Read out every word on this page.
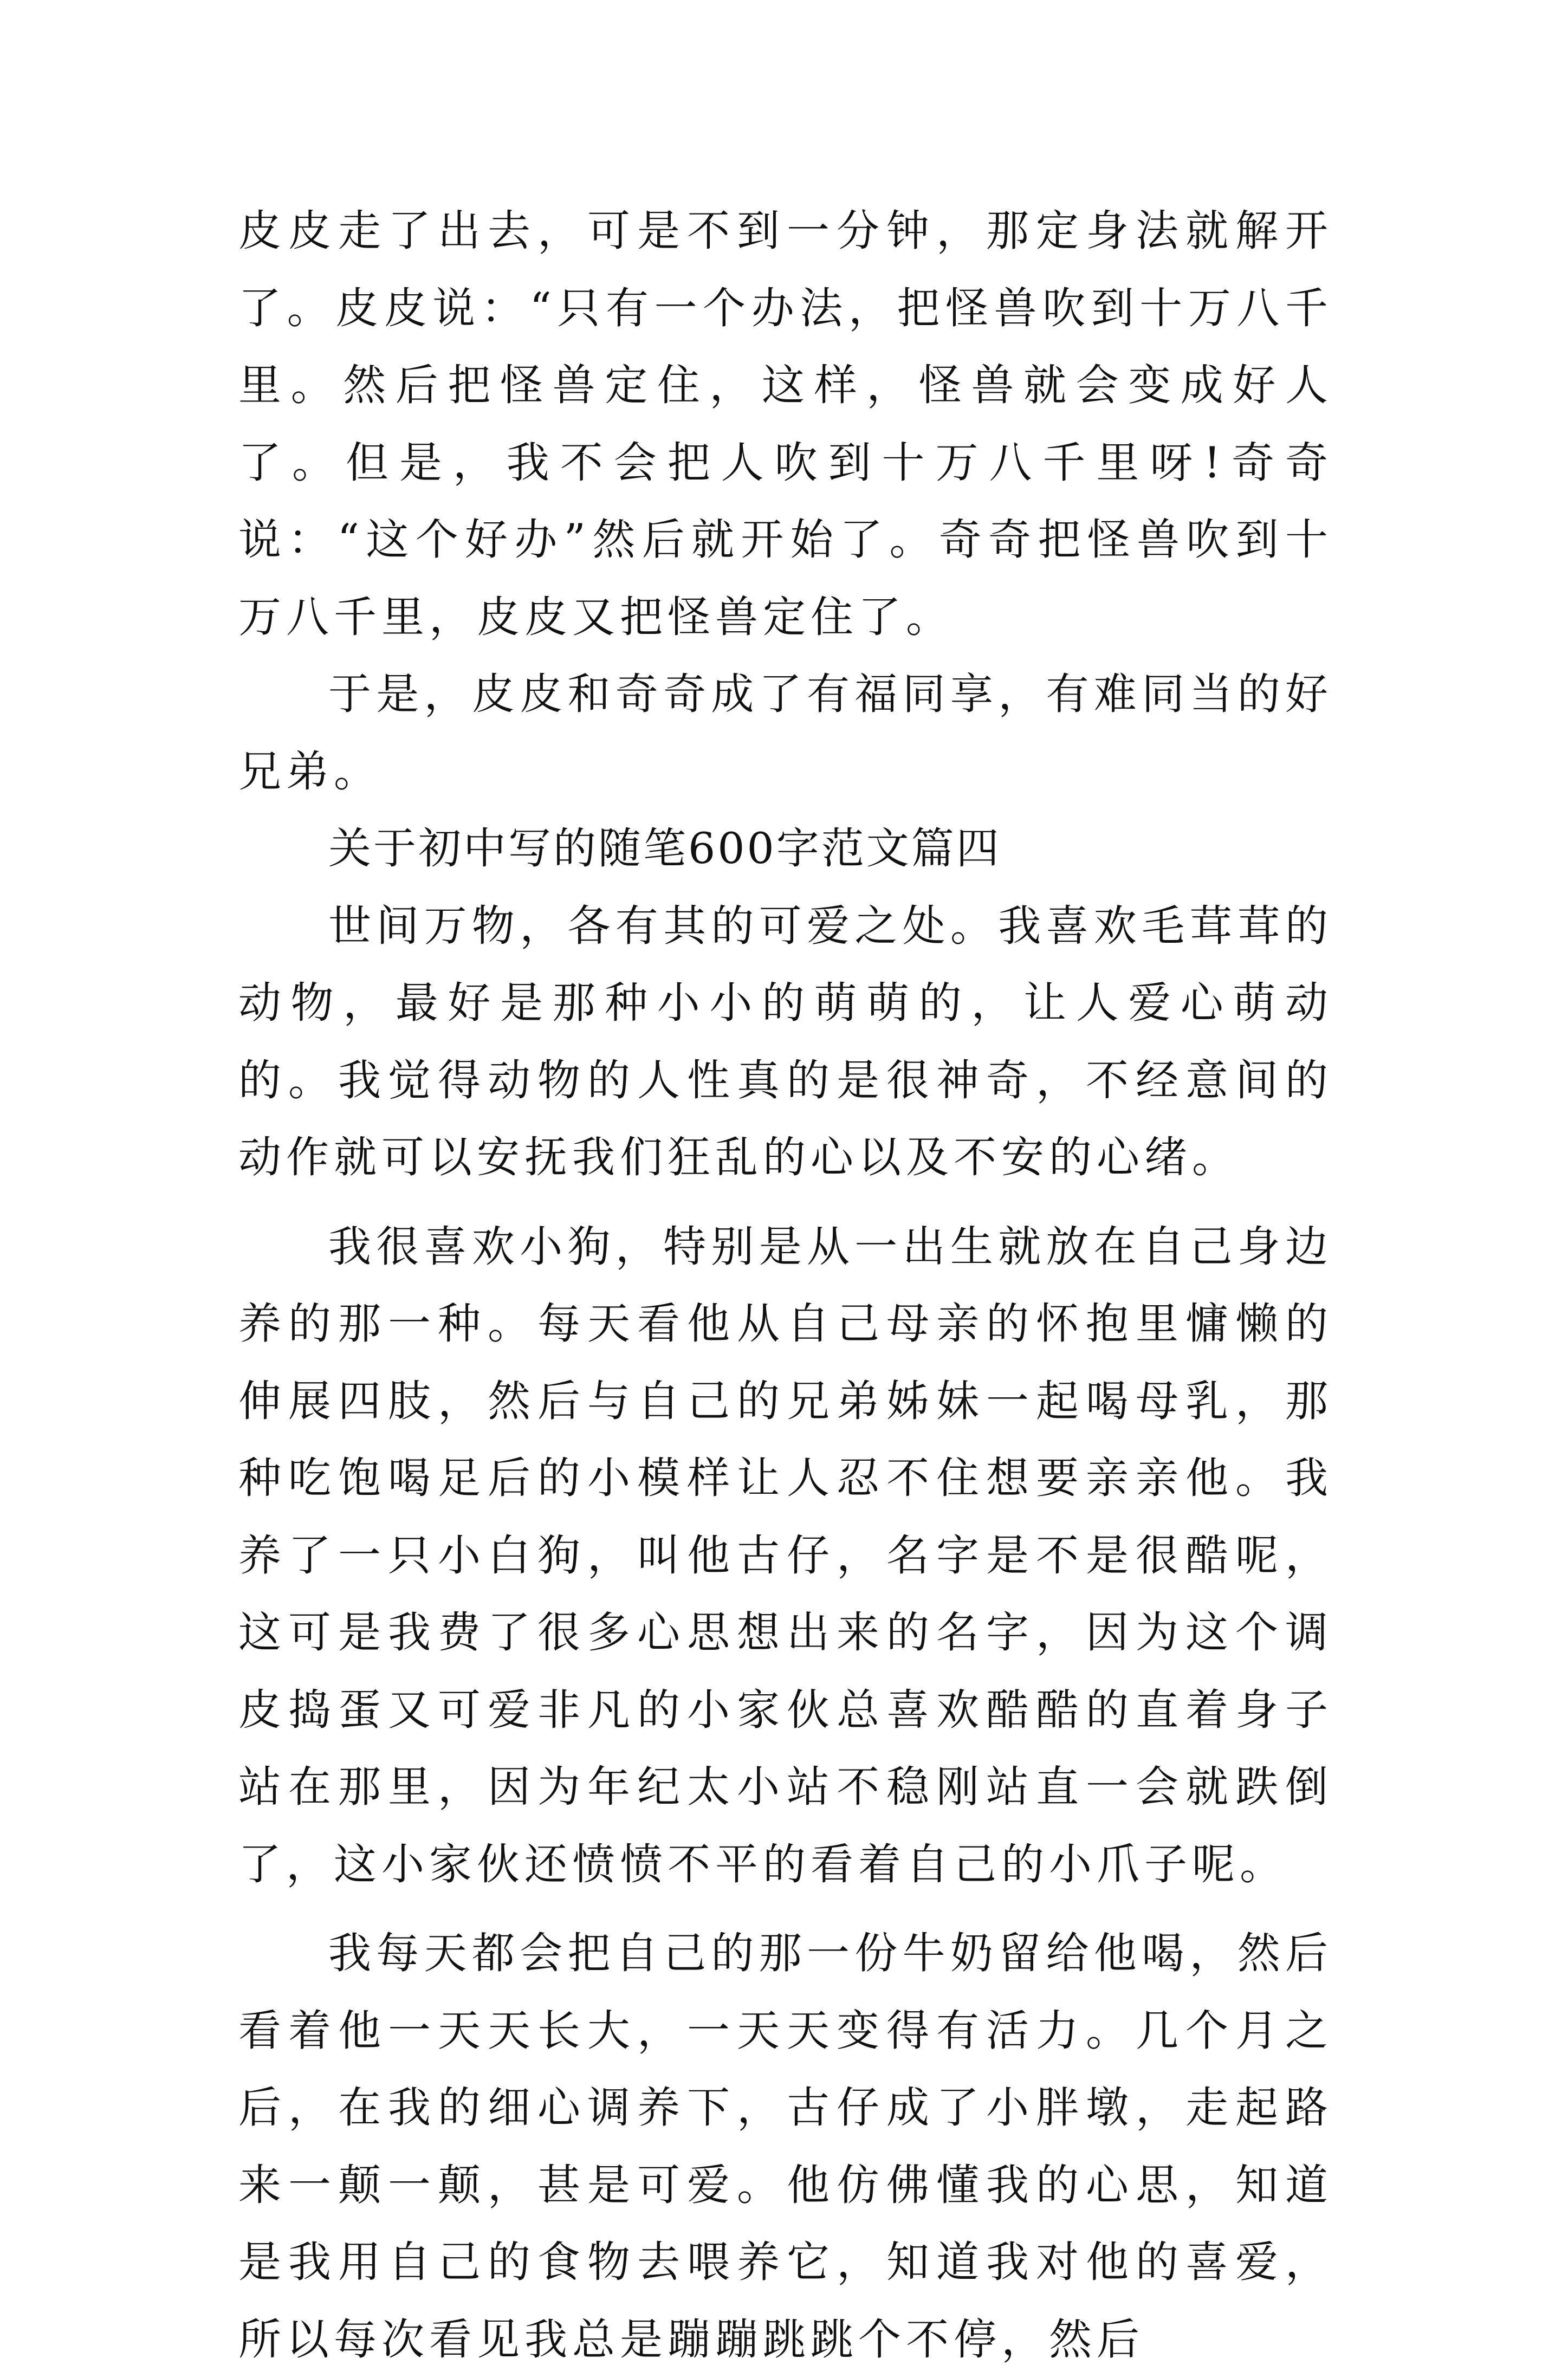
皮皮走了出去，可是不到一分钟，那定身法就解开了。皮皮说：“只有一个办法，把怪兽吹到十万八千里。然后把怪兽定住，这样，怪兽就会变成好人了。但是，我不会把人吹到十万八千里呀!奇奇说：“这个好办”然后就开始了。奇奇把怪兽吹到十万八千里，皮皮又把怪兽定住了。

于是，皮皮和奇奇成了有福同享，有难同当的好兄弟。

关于初中写的随笔600字范文篇四

世间万物，各有其的可爱之处。我喜欢毛茸茸的动物，最好是那种小小的萌萌的，让人爱心萌动的。我觉得动物的人性真的是很神奇，不经意间的动作就可以安抚我们狂乱的心以及不安的心绪。

我很喜欢小狗，特别是从一出生就放在自己身边养的那一种。每天看他从自己母亲的怀抱里慵懒的伸展四肢，然后与自己的兄弟姊妹一起喝母乳，那种吃饱喝足后的小模样让人忍不住想要亲亲他。我养了一只小白狗，叫他古仔，名字是不是很酷呢，这可是我费了很多心思想出来的名字，因为这个调皮捣蛋又可爱非凡的小家伙总喜欢酷酷的直着身子站在那里，因为年纪太小站不稳刚站直一会就跌倒了，这小家伙还愤愤不平的看着自己的小爪子呢。

我每天都会把自己的那一份牛奶留给他喝，然后看着他一天天长大，一天天变得有活力。几个月之后，在我的细心调养下，古仔成了小胖墩，走起路来一颠一颠，甚是可爱。他仿佛懂我的心思，知道是我用自己的食物去喂养它，知道我对他的喜爱，所以每次看见我总是蹦蹦跳跳个不停，然后
